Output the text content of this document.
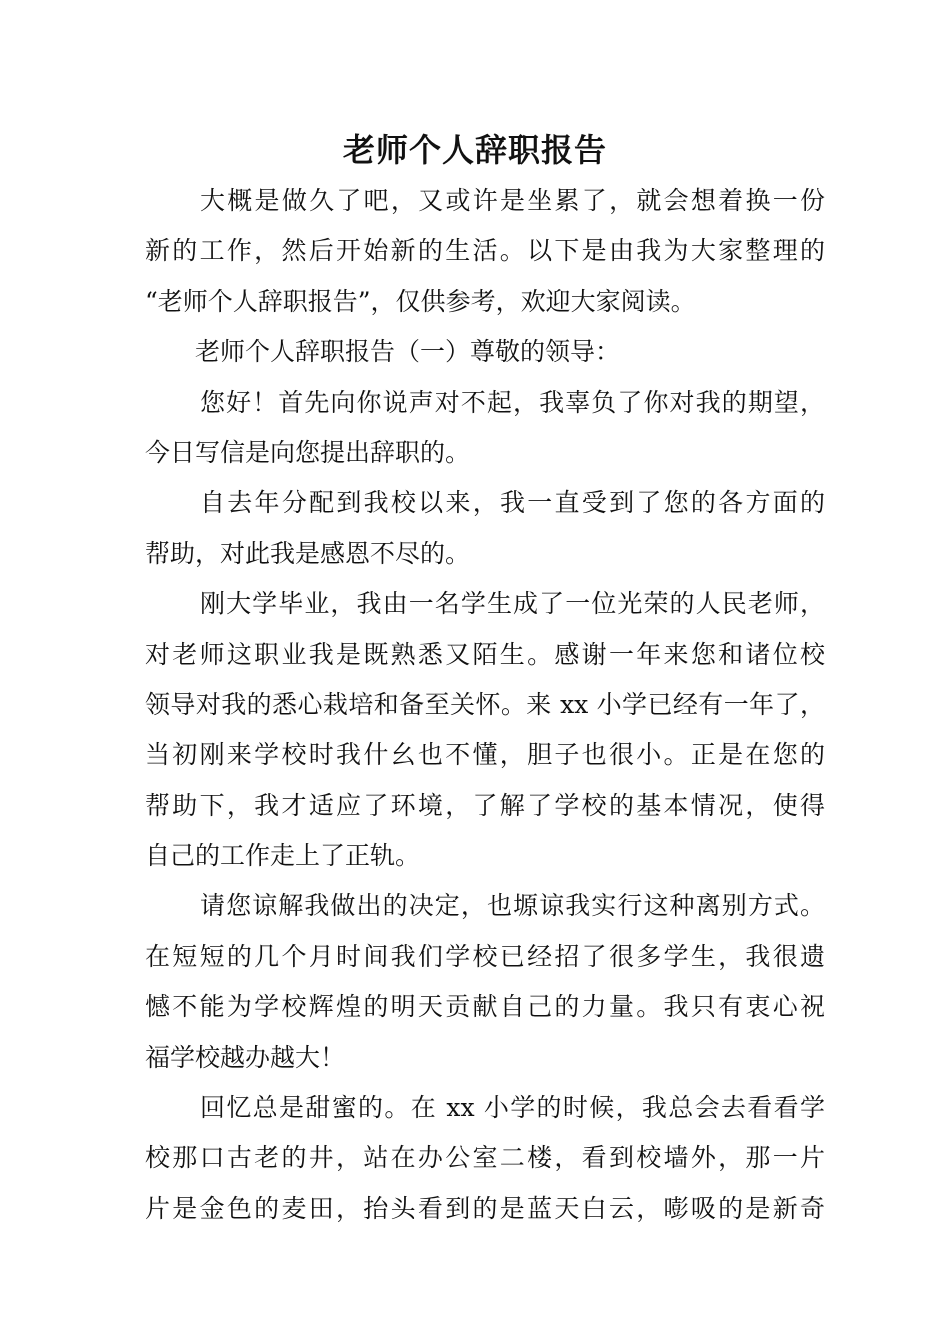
老师个人辞职报告
大概是做久了吧，又或许是坐累了，就会想着换一份
新的工作，然后开始新的生活。以下是由我为大家整理的
“老师个人辞职报告”，仅供参考，欢迎大家阅读。
老师个人辞职报告（一）尊敬的领导：
您好！首先向你说声对不起，我辜负了你对我的期望，
今日写信是向您提出辞职的。
自去年分配到我校以来，我一直受到了您的各方面的
帮助，对此我是感恩不尽的。
刚大学毕业，我由一名学生成了一位光荣的人民老师，
对老师这职业我是既熟悉又陌生。感谢一年来您和诸位校
领导对我的悉心栽培和备至关怀。来 xx 小学已经有一年了，
当初刚来学校时我什幺也不懂，胆子也很小。正是在您的
帮助下，我才适应了环境，了解了学校的基本情况，使得
自己的工作走上了正轨。
请您谅解我做出的决定，也塬谅我实行这种离别方式。
在短短的几个月时间我们学校已经招了很多学生，我很遗
憾不能为学校辉煌的明天贡献自己的力量。我只有衷心祝
福学校越办越大！
回忆总是甜蜜的。在 xx 小学的时候，我总会去看看学
校那口古老的井，站在办公室二楼，看到校墙外，那一片
片是金色的麦田，抬头看到的是蓝天白云，嘭吸的是新奇
